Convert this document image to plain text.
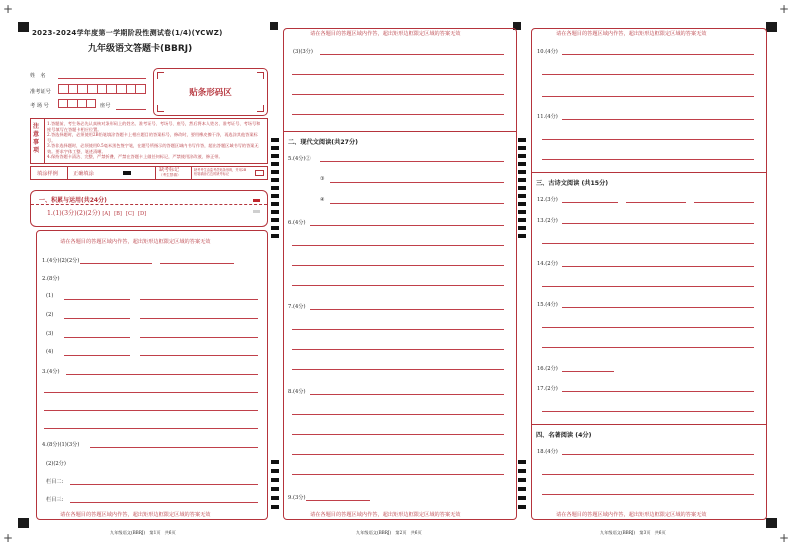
+	+
+	+
2023-2024学年度第一学期阶段性测试卷(1/4)(YCWZ)
九年级语文答题卡(BBRJ)
姓　名
准考证号
考 场 号	座号
贴条形码区
注意事项
1.答题前，考生务必先认真核对条形码上的姓名、准考证号、考场号、座号，然后将本人姓名、准考证号、考场号和座号填写在答题卡相应位置。
2.答选择题时，必须使用2B铅笔填涂答题卡上相应题目的答案标号，修改时，要用橡皮擦干净，再选涂其他答案标号。
3.答非选择题时，必须使用0.5毫米黑色签字笔，在题号所指示的答题区域内书写作答，超出答题区域书写的答案无效。要求字体工整、笔迹清晰。
4.保持答题卡清洁、完整，严禁折叠，严禁在答题卡上做任何标记，严禁使用涂改液、修正带。
填涂样例	正确填涂
缺考标记
（考生禁填）
缺考考生由监考员贴条形码，并用2B铅笔填涂右边的缺考标记
一、积累与运用(共24分)
1.(1)(3分)(2)(2分) [A] [B] [C] [D]
请在各题目的答题区域内作答，超出矩形边框限定区域的答案无效
1.(4分)(2)(2分)
2.(8分)
(1)
(2)
(3)
(4)
3.(4分)
4.(8分)(1)(3分)
(2)(2分)
栏目二:
栏目三:
请在各题目的答题区域内作答，超出矩形边框限定区域的答案无效
九年级语文(BBRJ)　第1页　共6页
请在各题目的答题区域内作答，超出矩形边框限定区域的答案无效
(3)(3分)
二、现代文阅读(共27分)
5.(4分)②
③
④
6.(4分)
7.(4分)
8.(4分)
9.(3分)
请在各题目的答题区域内作答，超出矩形边框限定区域的答案无效
九年级语文(BBRJ)　第2页　共6页
请在各题目的答题区域内作答，超出矩形边框限定区域的答案无效
10.(4分)
11.(4分)
三、古诗文阅读 (共15分)
12.(3分)
13.(2分)
14.(2分)
15.(4分)
16.(2分)
17.(2分)
四、名著阅读 (4分)
18.(4分)
请在各题目的答题区域内作答，超出矩形边框限定区域的答案无效
九年级语文(BBRJ)　第3页　共6页
